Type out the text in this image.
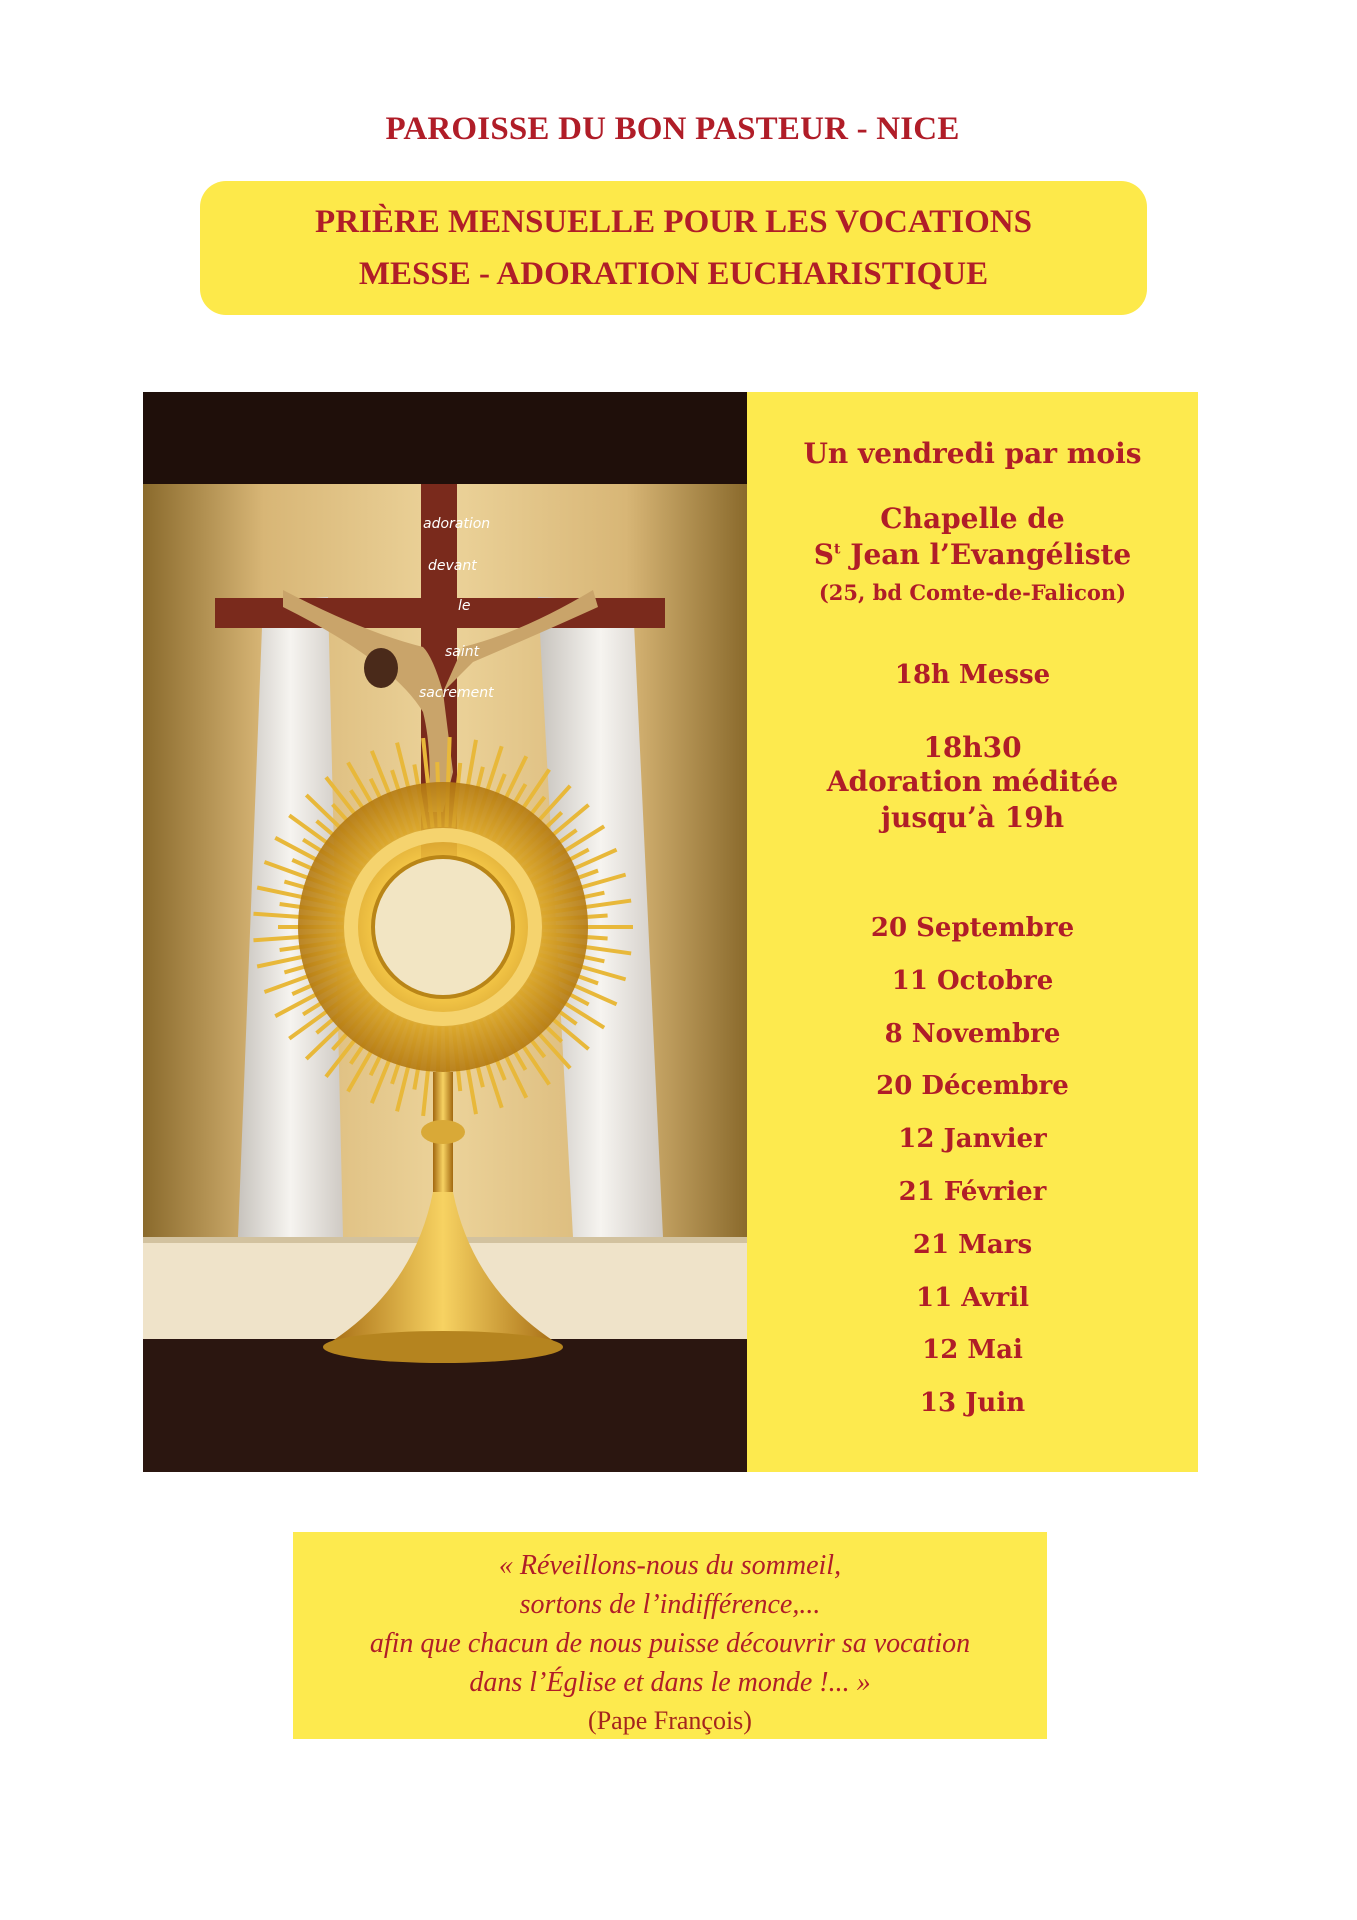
PAROISSE DU BON PASTEUR - NICE
PRIÈRE MENSUELLE POUR LES VOCATIONS
MESSE - ADORATION EUCHARISTIQUE
adoration
devant
le
saint
sacrement
Un vendredi par mois
Chapelle de
$S^t$ Jean l’Evangéliste
(25, bd Comte-de-Falicon)
18h Messe
18h30
Adoration méditée
jusqu’à 19h
20 Septembre
11 Octobre
8 Novembre
20 Décembre
12 Janvier
21 Février
21 Mars
11 Avril
12 Mai
13 Juin
« Réveillons-nous du sommeil,
sortons de l’indifférence,...
afin que chacun de nous puisse découvrir sa vocation
dans l’Église et dans le monde !... »
(Pape François)
